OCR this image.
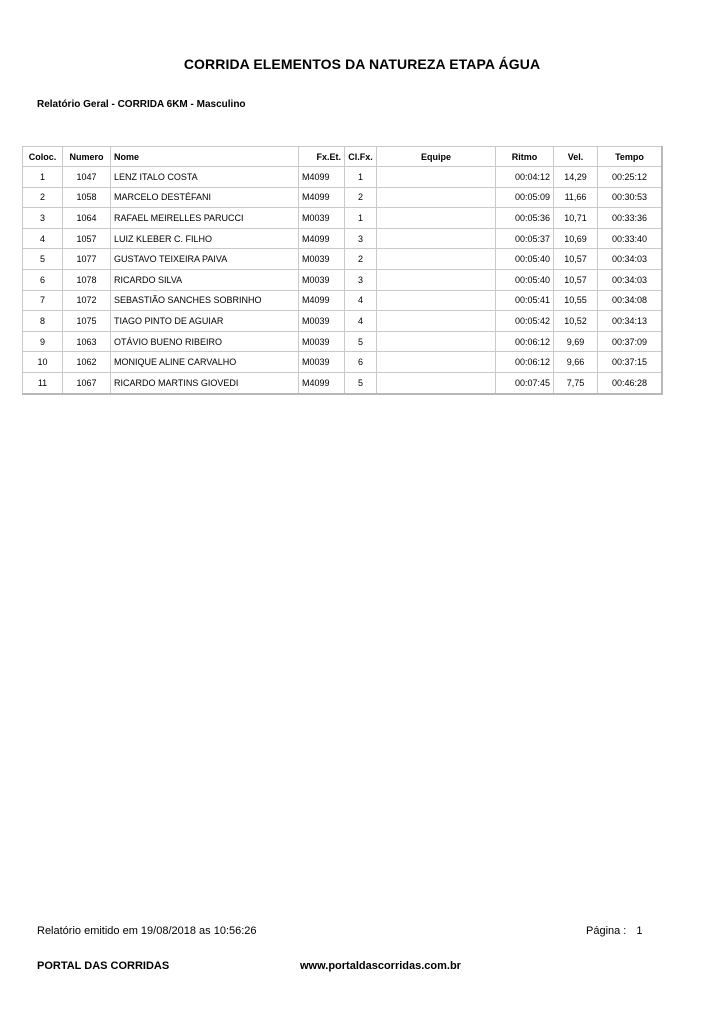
CORRIDA ELEMENTOS DA NATUREZA ETAPA ÁGUA
Relatório Geral - CORRIDA 6KM - Masculino
Coloc.	Numero	Nome	Fx.Et.	Cl.Fx.	Equipe	Ritmo	Vel.	Tempo
1	1047	LENZ ITALO COSTA	M4099	1		00:04:12	14,29	00:25:12
2	1058	MARCELO DESTÉFANI	M4099	2		00:05:09	11,66	00:30:53
3	1064	RAFAEL MEIRELLES PARUCCI	M0039	1		00:05:36	10,71	00:33:36
4	1057	LUIZ KLEBER C. FILHO	M4099	3		00:05:37	10,69	00:33:40
5	1077	GUSTAVO TEIXEIRA PAIVA	M0039	2		00:05:40	10,57	00:34:03
6	1078	RICARDO SILVA	M0039	3		00:05:40	10,57	00:34:03
7	1072	SEBASTIÃO SANCHES SOBRINHO	M4099	4		00:05:41	10,55	00:34:08
8	1075	TIAGO PINTO DE AGUIAR	M0039	4		00:05:42	10,52	00:34:13
9	1063	OTÁVIO BUENO RIBEIRO	M0039	5		00:06:12	9,69	00:37:09
10	1062	MONIQUE ALINE CARVALHO	M0039	6		00:06:12	9,66	00:37:15
11	1067	RICARDO MARTINS GIOVEDI	M4099	5		00:07:45	7,75	00:46:28
Relatório emitido em 19/08/2018 as 10:56:26	Página : 1
PORTAL DAS CORRIDAS	www.portaldascorridas.com.br
